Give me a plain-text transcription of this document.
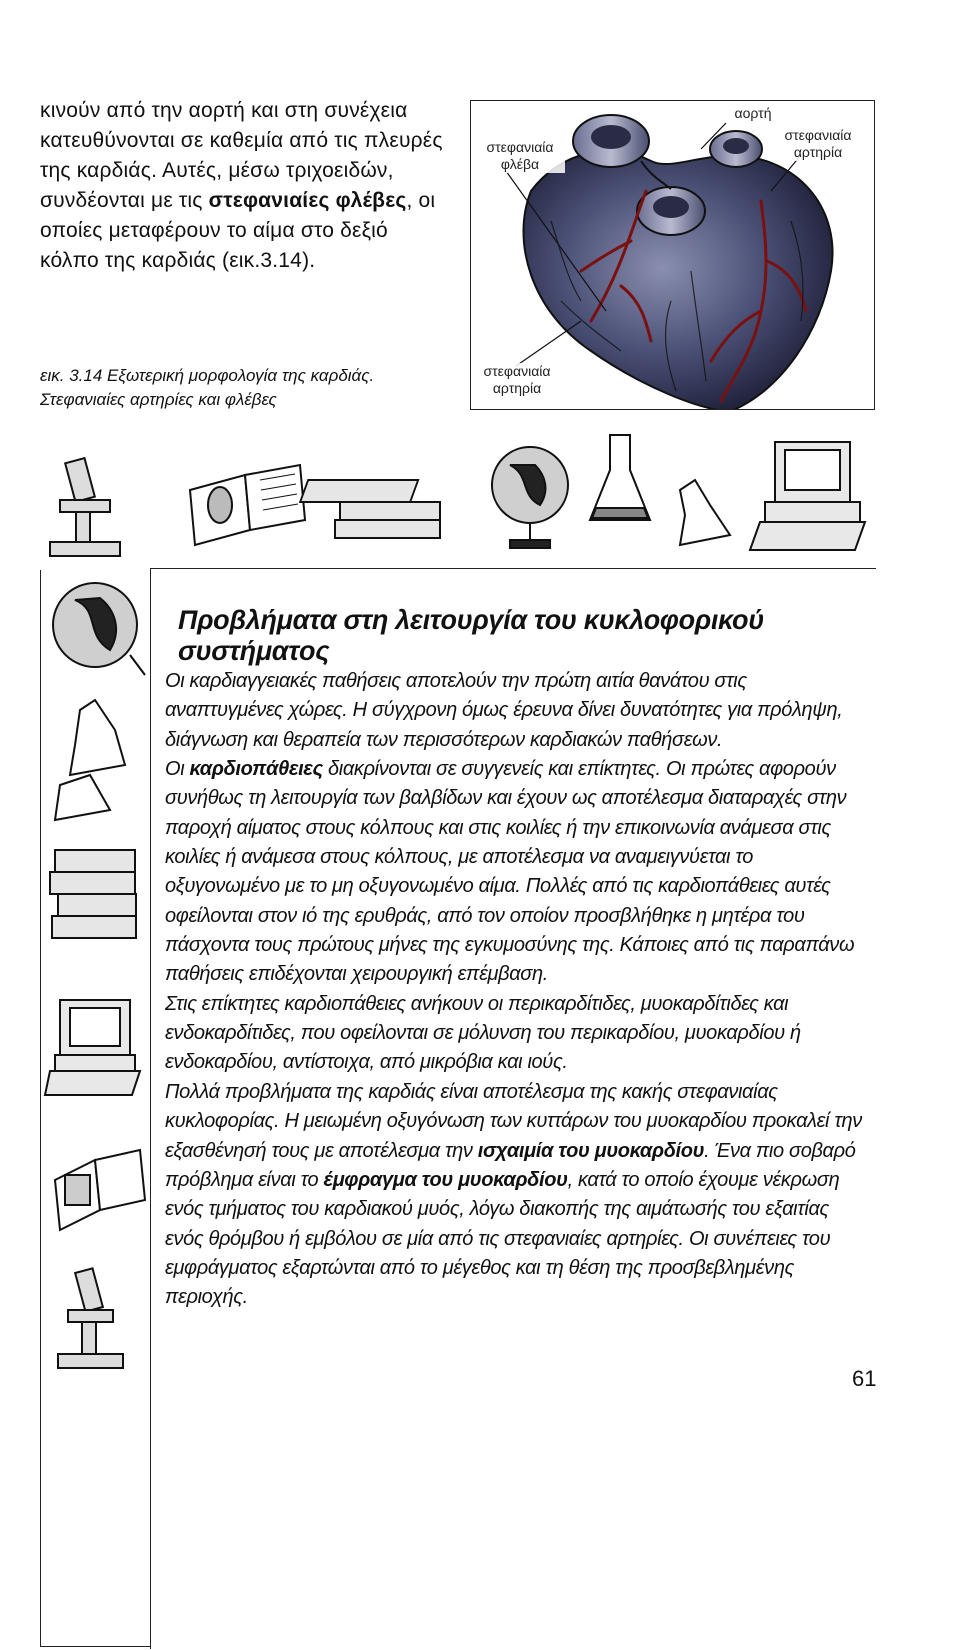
κινούν από την αορτή και στη συνέχεια κατευθύνονται σε καθεμία από τις πλευρές της καρδιάς. Αυτές, μέσω τριχοειδών, συνδέονται με τις στεφανιαίες φλέβες, οι οποίες μεταφέρουν το αίμα στο δεξιό κόλπο της καρδιάς (εικ.3.14).

στεφανιαία φλέβα
αορτή
στεφανιαία αρτηρία
στεφανιαία αρτηρία

εικ. 3.14 Εξωτερική μορφολογία της καρδιάς.
Στεφανιαίες αρτηρίες και φλέβες

Προβλήματα στη λειτουργία του κυκλοφορικού συστήματος

Οι καρδιαγγειακές παθήσεις αποτελούν την πρώτη αιτία θανάτου στις αναπτυγμένες χώρες. Η σύγχρονη όμως έρευνα δίνει δυνατότητες για πρόληψη, διάγνωση και θεραπεία των περισσότερων καρδιακών παθήσεων.

Οι καρδιοπάθειες διακρίνονται σε συγγενείς και επίκτητες. Οι πρώτες αφορούν συνήθως τη λειτουργία των βαλβίδων και έχουν ως αποτέλεσμα διαταραχές στην παροχή αίματος στους κόλπους και στις κοιλίες ή την επικοινωνία ανάμεσα στις κοιλίες ή ανάμεσα στους κόλπους, με αποτέλεσμα να αναμειγνύεται το οξυγονωμένο με το μη οξυγονωμένο αίμα. Πολλές από τις καρδιοπάθειες αυτές οφείλονται στον ιό της ερυθράς, από τον οποίον προσβλήθηκε η μητέρα του πάσχοντα τους πρώτους μήνες της εγκυμοσύνης της. Κάποιες από τις παραπάνω παθήσεις επιδέχονται χειρουργική επέμβαση.

Στις επίκτητες καρδιοπάθειες ανήκουν οι περικαρδίτιδες, μυοκαρδίτιδες και ενδοκαρδίτιδες, που οφείλονται σε μόλυνση του περικαρδίου, μυοκαρδίου ή ενδοκαρδίου, αντίστοιχα, από μικρόβια και ιούς.

Πολλά προβλήματα της καρδιάς είναι αποτέλεσμα της κακής στεφανιαίας κυκλοφορίας. Η μειωμένη οξυγόνωση των κυττάρων του μυοκαρδίου προκαλεί την εξασθένησή τους με αποτέλεσμα την ισχαιμία του μυοκαρδίου. Ένα πιο σοβαρό πρόβλημα είναι το έμφραγμα του μυοκαρδίου, κατά το οποίο έχουμε νέκρωση ενός τμήματος του καρδιακού μυός, λόγω διακοπής της αιμάτωσής του εξαιτίας ενός θρόμβου ή εμβόλου σε μία από τις στεφανιαίες αρτηρίες. Οι συνέπειες του εμφράγματος εξαρτώνται από το μέγεθος και τη θέση της προσβεβλημένης περιοχής.

61
